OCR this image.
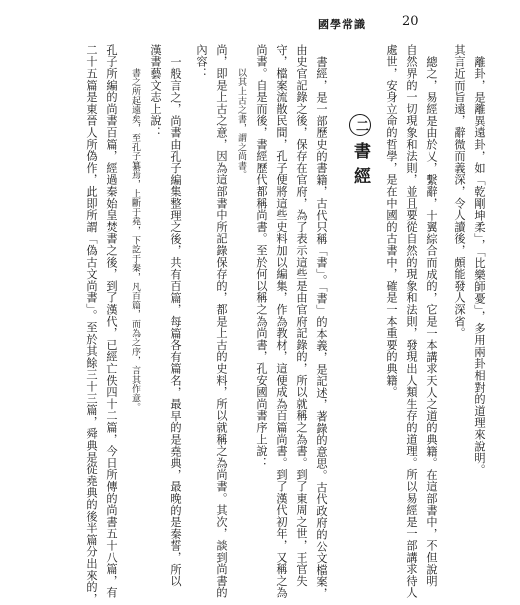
國學常識	20
離卦，是離異遠卦，如「乾剛坤柔」，「比樂師憂」，多用兩卦相對的道理來說明。
其言近而旨遠，辭微而義深，令人讀後，頗能發人深省。
總之，易經是由於乂，繫辭，十翼綜合而成的，它是一本講求天人之道的典籍。在這部書中，不但說明
自然界的一切現象和法則，並且要從自然的現象和法則，發現出人類生存的道理。所以易經是一部講求待人
處世，安身立命的哲學，是在中國的古書中，確是一本重要的典籍。
二書經
書經，是一部歷史的書籍，古代只稱「書」。「書」的本義，是記述，著錄的意思。古代政府的公文檔案，
由史官記錄之後，保存在官府，為了表示這些是由官府記錄的，所以就稱之為書。到了東周之世，王官失
守，檔案流散民間，孔子便將這些史料加以編集，作為教材，這便成為百篇尚書。到了漢代初年，又稱之為
尚書。自是而後，書經歷代都稱尚書。至於何以稱之為尚書，孔安國尚書序上說：
以其上古之書，謂之尚書。
尚，即是上古之意，因為這部書中所記錄保存的，都是上古的史料，所以就稱之為尚書。其次，談到尚書的
內容：
一般言之，尚書由孔子編集整理之後，共有百篇，每篇各有篇名，最早的是堯典，最晚的是秦誓，所以
漢書藝文志上說：
書之所起遠矣，至孔子纂焉，上斷于堯，下訖于秦，凡百篇，而為之序，言其作意。
孔子所編的尚書百篇，經過秦始皇焚書之後，到了漢代，已經亡佚四十二篇，今日所傳的尚書五十八篇，有
二十五篇是東晉人所偽作，此即所謂「偽古文尚書」。至於其餘三十三篇，舜典是從堯典的後半篇分出來的，
